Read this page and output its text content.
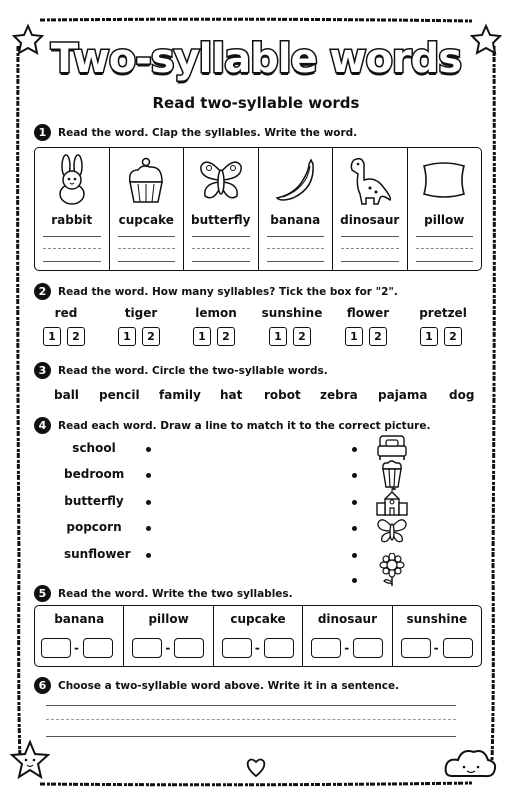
Two-syllable words
Read two-syllable words
1	Read the word. Clap the syllables. Write the word.
rabbit	cupcake	butterfly	banana	dinosaur	pillow
2	Read the word. How many syllables? Tick the box for "2".
red	tiger	lemon	sunshine	flower	pretzel
1	2	1	2	1	2	1	2	1	2	1	2
3	Read the word. Circle the two-syllable words.
ball pencil family hat robot zebra pajama dog
4	Read each word. Draw a line to match it to the correct picture.
school
bedroom
butterfly
popcorn
sunflower
5	Read the word. Write the two syllables.
banana
-
pillow
-
cupcake
-
dinosaur
-
sunshine
-
6	Choose a two-syllable word above. Write it in a sentence.
